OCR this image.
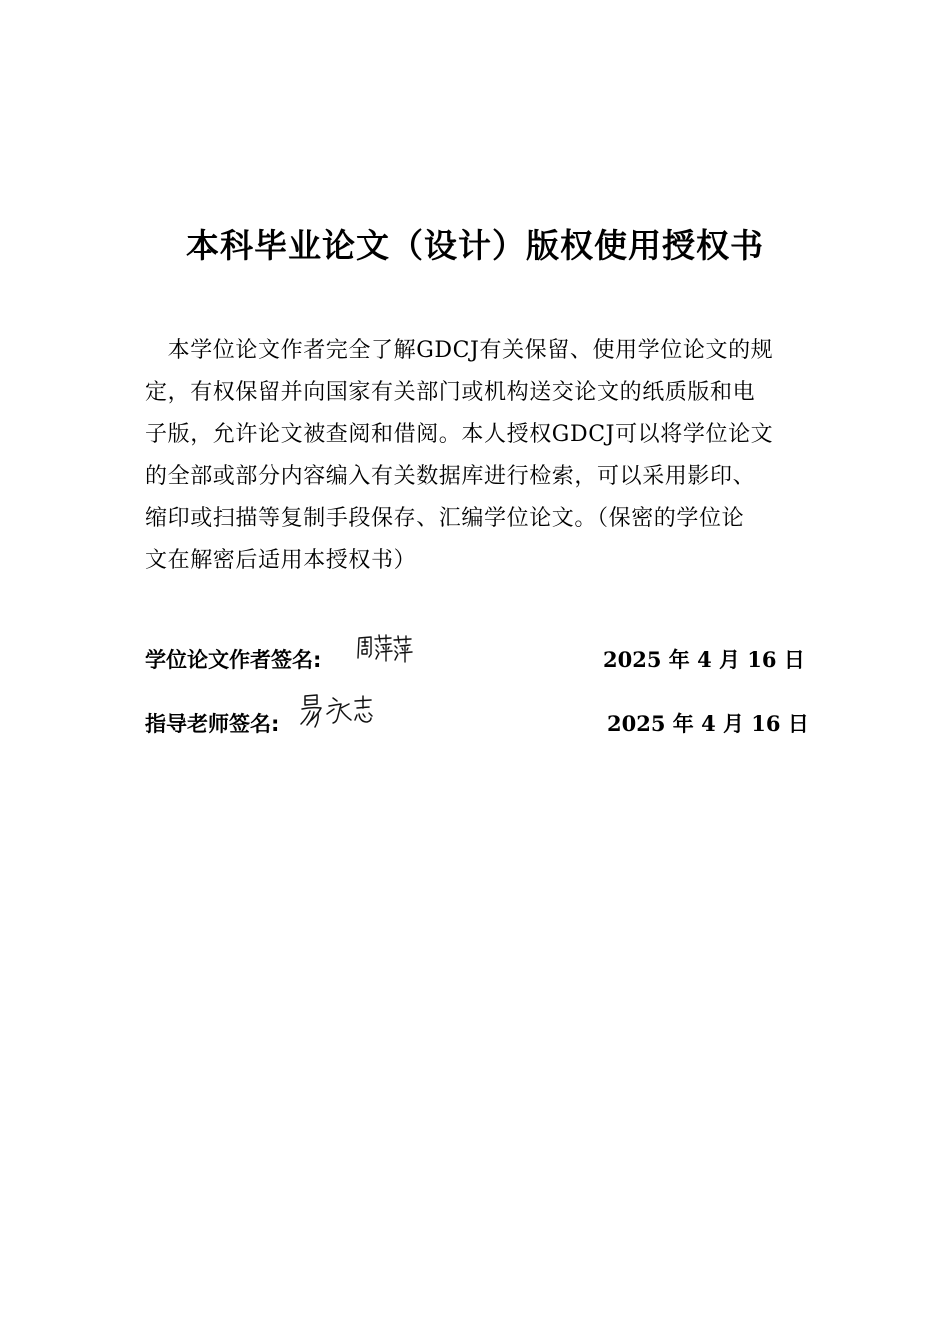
本科毕业论文（设计）版权使用授权书
　本学位论文作者完全了解GDCJ有关保留、使用学位论文的规
定，有权保留并向国家有关部门或机构送交论文的纸质版和电
子版，允许论文被查阅和借阅。本人授权GDCJ可以将学位论文
的全部或部分内容编入有关数据库进行检索，可以采用影印、
缩印或扫描等复制手段保存、汇编学位论文。（保密的学位论
文在解密后适用本授权书）
学位论文作者签名:	2025 年 4 月 16 日
指导老师签名:	2025 年 4 月 16 日
